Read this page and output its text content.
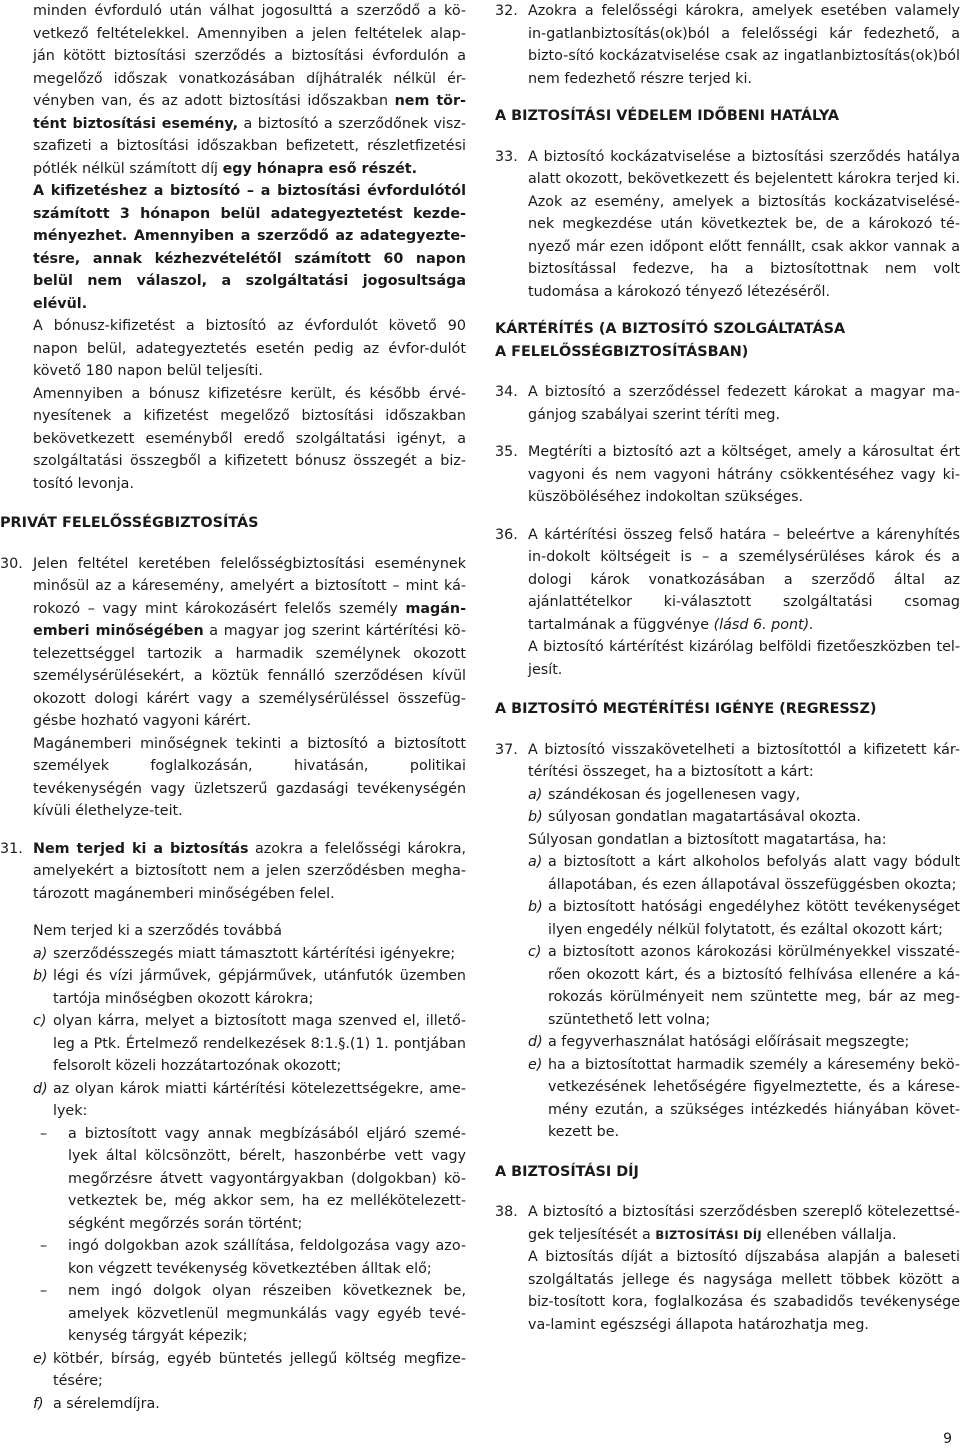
minden évforduló után válhat jogosulttá a szerződő a kö-vetkező feltételekkel. Amennyiben a jelen feltételek alap-ján kötött biztosítási szerződés a biztosítási évfordulón a megelőző időszak vonatkozásában díjhátralék nélkül ér-vényben van, és az adott biztosítási időszakban nem tör-tént biztosítási esemény, a biztosító a szerződőnek visz-szafizeti a biztosítási időszakban befizetett, részletfizetési pótlék nélkül számított díj egy hónapra eső részét.

A kifizetéshez a biztosító – a biztosítási évfordulótól számított 3 hónapon belül adategyeztetést kezde-ményezhet. Amennyiben a szerződő az adategyezte-tésre, annak kézhezvételétől számított 60 napon belül nem válaszol, a szolgáltatási jogosultsága elévül.

A bónusz-kifizetést a biztosító az évfordulót követő 90 napon belül, adategyeztetés esetén pedig az évfor-dulót követő 180 napon belül teljesíti.

Amennyiben a bónusz kifizetésre került, és később érvé-nyesítenek a kifizetést megelőző biztosítási időszakban bekövetkezett eseményből eredő szolgáltatási igényt, a szolgáltatási összegből a kifizetett bónusz összegét a biz-tosító levonja.

PRIVÁT FELELŐSSÉGBIZTOSÍTÁS

30. Jelen feltétel keretében felelősségbiztosítási eseménynek minősül az a káresemény, amelyért a biztosított – mint ká-rokozó – vagy mint károkozásért felelős személy magán-emberi minőségében a magyar jog szerint kártérítési kö-telezettséggel tartozik a harmadik személynek okozott személysérülésekért, a köztük fennálló szerződésen kívül okozott dologi kárért vagy a személysérüléssel összefüg-gésbe hozható vagyoni kárért.

Magánemberi minőségnek tekinti a biztosító a biztosított személyek foglalkozásán, hivatásán, politikai tevékenységén vagy üzletszerű gazdasági tevékenységén kívüli élethelyze-teit.

31. Nem terjed ki a biztosítás azokra a felelősségi károkra, amelyekért a biztosított nem a jelen szerződésben megha-tározott magánemberi minőségében felel.

Nem terjed ki a szerződés továbbá

a) szerződésszegés miatt támasztott kártérítési igényekre;
b) légi és vízi járművek, gépjárművek, utánfutók üzemben tartója minőségben okozott károkra;
c) olyan kárra, melyet a biztosított maga szenved el, illető-leg a Ptk. Értelmező rendelkezések 8:1.§.(1) 1. pontjában felsorolt közeli hozzátartozónak okozott;
d) az olyan károk miatti kártérítési kötelezettségekre, ame-lyek:
– a biztosított vagy annak megbízásából eljáró szemé-lyek által kölcsönzött, bérelt, haszonbérbe vett vagy megőrzésre átvett vagyontárgyakban (dolgokban) kö-vetkeztek be, még akkor sem, ha ez mellékötelezett-ségként megőrzés során történt;
– ingó dolgokban azok szállítása, feldolgozása vagy azo-kon végzett tevékenység következtében álltak elő;
– nem ingó dolgok olyan részeiben következnek be, amelyek közvetlenül megmunkálás vagy egyéb tevé-kenység tárgyát képezik;
e) kötbér, bírság, egyéb büntetés jellegű költség megfize-tésére;
f) a sérelemdíjra.
32. Azokra a felelősségi károkra, amelyek esetében valamely in-gatlanbiztosítás(ok)ból a felelősségi kár fedezhető, a bizto-sító kockázatviselése csak az ingatlanbiztosítás(ok)ból nem fedezhető részre terjed ki.

A BIZTOSÍTÁSI VÉDELEM IDŐBENI HATÁLYA

33. A biztosító kockázatviselése a biztosítási szerződés hatálya alatt okozott, bekövetkezett és bejelentett károkra terjed ki. Azok az esemény, amelyek a biztosítás kockázatviselésé-nek megkezdése után következtek be, de a károkozó té-nyező már ezen időpont előtt fennállt, csak akkor vannak a biztosítással fedezve, ha a biztosítottnak nem volt tudomása a károkozó tényező létezéséről.

KÁRTÉRÍTÉS (A BIZTOSÍTÓ SZOLGÁLTATÁSA
A FELELŐSSÉGBIZTOSÍTÁSBAN)

34. A biztosító a szerződéssel fedezett károkat a magyar ma-gánjog szabályai szerint téríti meg.
35. Megtéríti a biztosító azt a költséget, amely a károsultat ért vagyoni és nem vagyoni hátrány csökkentéséhez vagy ki-küszöböléséhez indokoltan szükséges.
36. A kártérítési összeg felső határa – beleértve a kárenyhítés in-dokolt költségeit is – a személysérüléses károk és a dologi károk vonatkozásában a szerződő által az ajánlattételkor ki-választott szolgáltatási csomag tartalmának a függvénye (lásd 6. pont).

A biztosító kártérítést kizárólag belföldi fizetőeszközben tel-jesít.

A BIZTOSÍTÓ MEGTÉRÍTÉSI IGÉNYE (REGRESSZ)

37. A biztosító visszakövetelheti a biztosítottól a kifizetett kár-térítési összeget, ha a biztosított a kárt:
a) szándékosan és jogellenesen vagy,
b) súlyosan gondatlan magatartásával okozta.

Súlyosan gondatlan a biztosított magatartása, ha:

a) a biztosított a kárt alkoholos befolyás alatt vagy bódult állapotában, és ezen állapotával összefüggésben okozta;
b) a biztosított hatósági engedélyhez kötött tevékenységet ilyen engedély nélkül folytatott, és ezáltal okozott kárt;
c) a biztosított azonos károkozási körülményekkel visszaté-rően okozott kárt, és a biztosító felhívása ellenére a ká-rokozás körülményeit nem szüntette meg, bár az meg-szüntethető lett volna;
d) a fegyverhasználat hatósági előírásait megszegte;
e) ha a biztosítottat harmadik személy a káresemény bekö-vetkezésének lehetőségére figyelmeztette, és a kárese-mény ezután, a szükséges intézkedés hiányában követ-kezett be.

A BIZTOSÍTÁSI DÍJ

38. A biztosító a biztosítási szerződésben szereplő kötelezettsé-gek teljesítését a BIZTOSÍTÁSI DÍJ ellenében vállalja.

A biztosítás díját a biztosító díjszabása alapján a baleseti szolgáltatás jellege és nagysága mellett többek között a biz-tosított kora, foglalkozása és szabadidős tevékenysége va-lamint egészségi állapota határozhatja meg.

9
